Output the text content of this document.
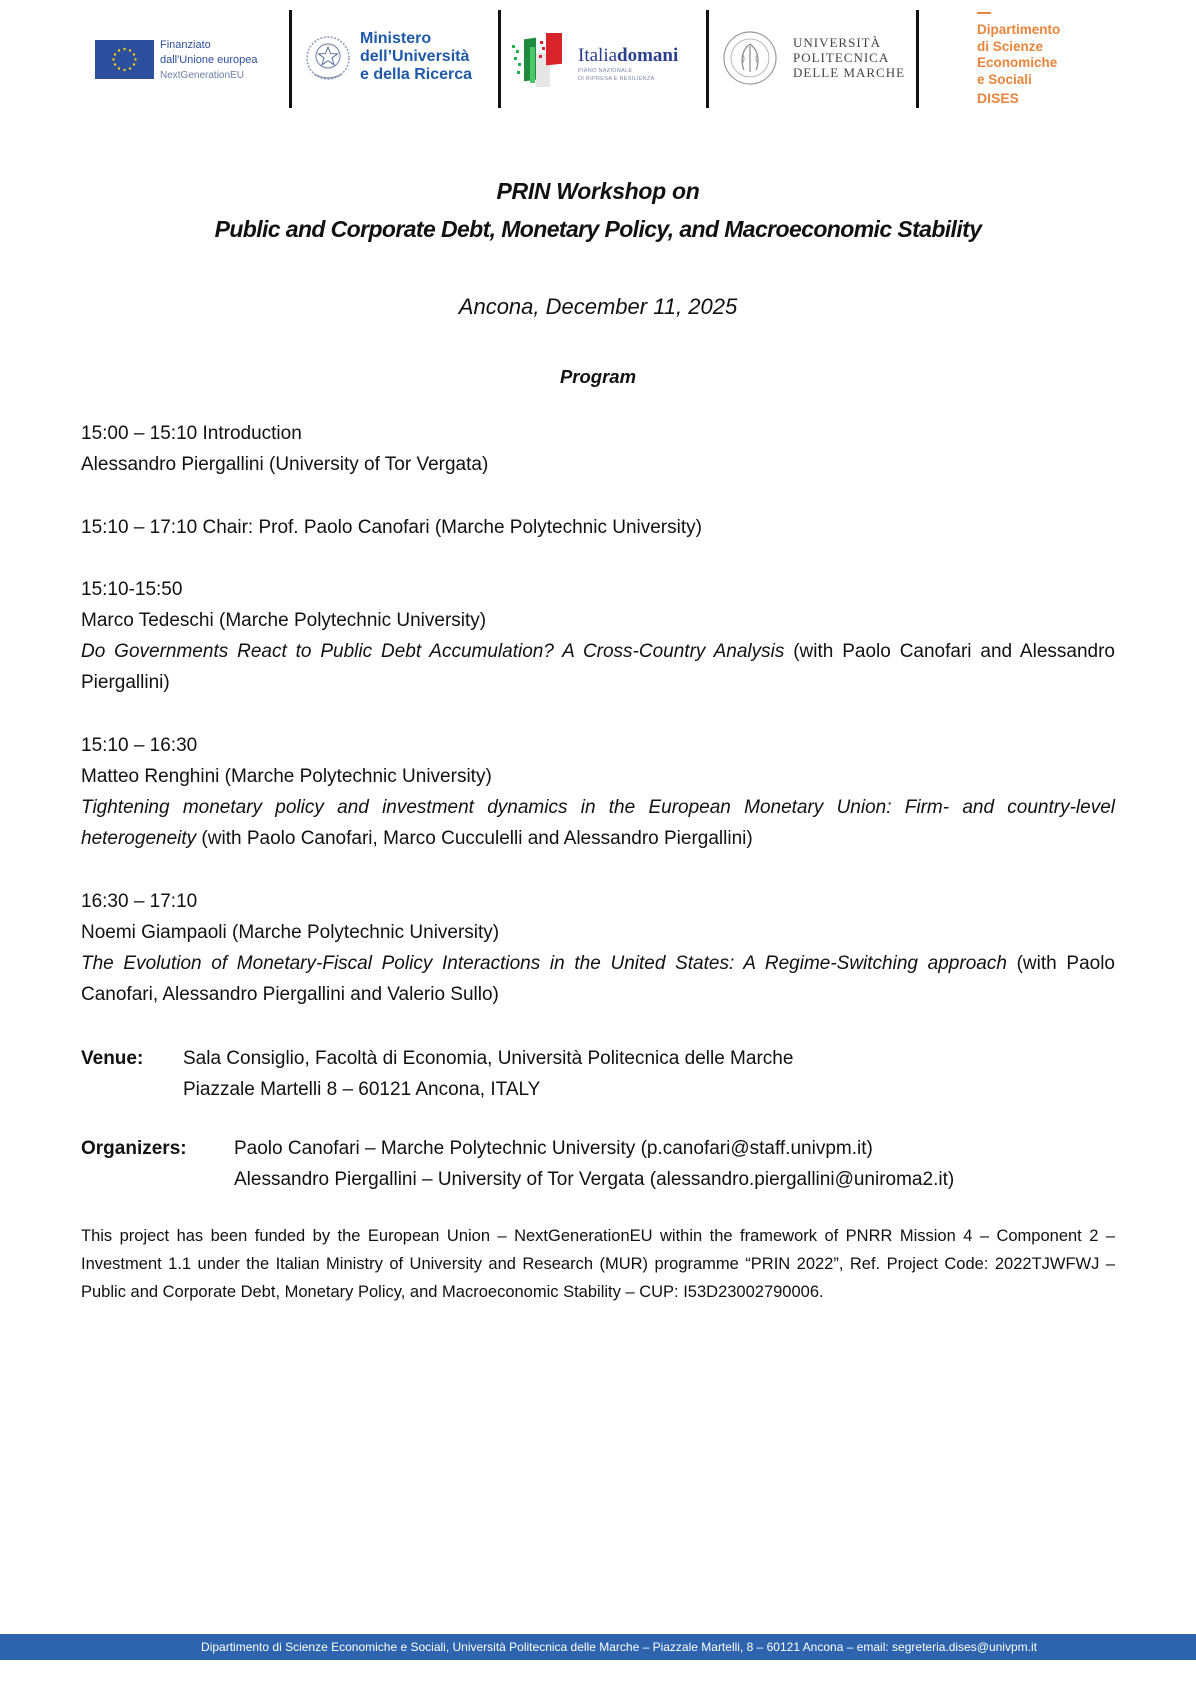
Finanziato
dall'Unione europea
NextGenerationEU
Ministero
dell’Università
e della Ricerca
Italiadomani
PIANO NAZIONALE
DI RIPRESA E RESILIENZA
UNIVERSITÀ
POLITECNICA
DELLE MARCHE
Dipartimento
di Scienze
Economiche
e Sociali
DISES
PRIN Workshop on
Public and Corporate Debt, Monetary Policy, and Macroeconomic Stability
Ancona, December 11, 2025
Program
15:00 – 15:10 Introduction
Alessandro Piergallini (University of Tor Vergata)
15:10 – 17:10 Chair: Prof. Paolo Canofari (Marche Polytechnic University)
15:10-15:50
Marco Tedeschi (Marche Polytechnic University)
Do Governments React to Public Debt Accumulation? A Cross-Country Analysis (with Paolo Canofari and Alessandro Piergallini)
15:10 – 16:30
Matteo Renghini (Marche Polytechnic University)
Tightening monetary policy and investment dynamics in the European Monetary Union: Firm- and country-level heterogeneity (with Paolo Canofari, Marco Cucculelli and Alessandro Piergallini)
16:30 – 17:10
Noemi Giampaoli (Marche Polytechnic University)
The Evolution of Monetary-Fiscal Policy Interactions in the United States: A Regime-Switching approach (with Paolo Canofari, Alessandro Piergallini and Valerio Sullo)
Venue:	Sala Consiglio, Facoltà di Economia, Università Politecnica delle Marche
Piazzale Martelli 8 – 60121 Ancona, ITALY
Organizers:	Paolo Canofari – Marche Polytechnic University (p.canofari@staff.univpm.it)
Alessandro Piergallini – University of Tor Vergata (alessandro.piergallini@uniroma2.it)
This project has been funded by the European Union – NextGenerationEU within the framework of PNRR Mission 4 – Component 2 – Investment 1.1 under the Italian Ministry of University and Research (MUR) programme “PRIN 2022”, Ref. Project Code: 2022TJWFWJ – Public and Corporate Debt, Monetary Policy, and Macroeconomic Stability – CUP: I53D23002790006.
Dipartimento di Scienze Economiche e Sociali, Università Politecnica delle Marche – Piazzale Martelli, 8 – 60121 Ancona – email: segreteria.dises@univpm.it
